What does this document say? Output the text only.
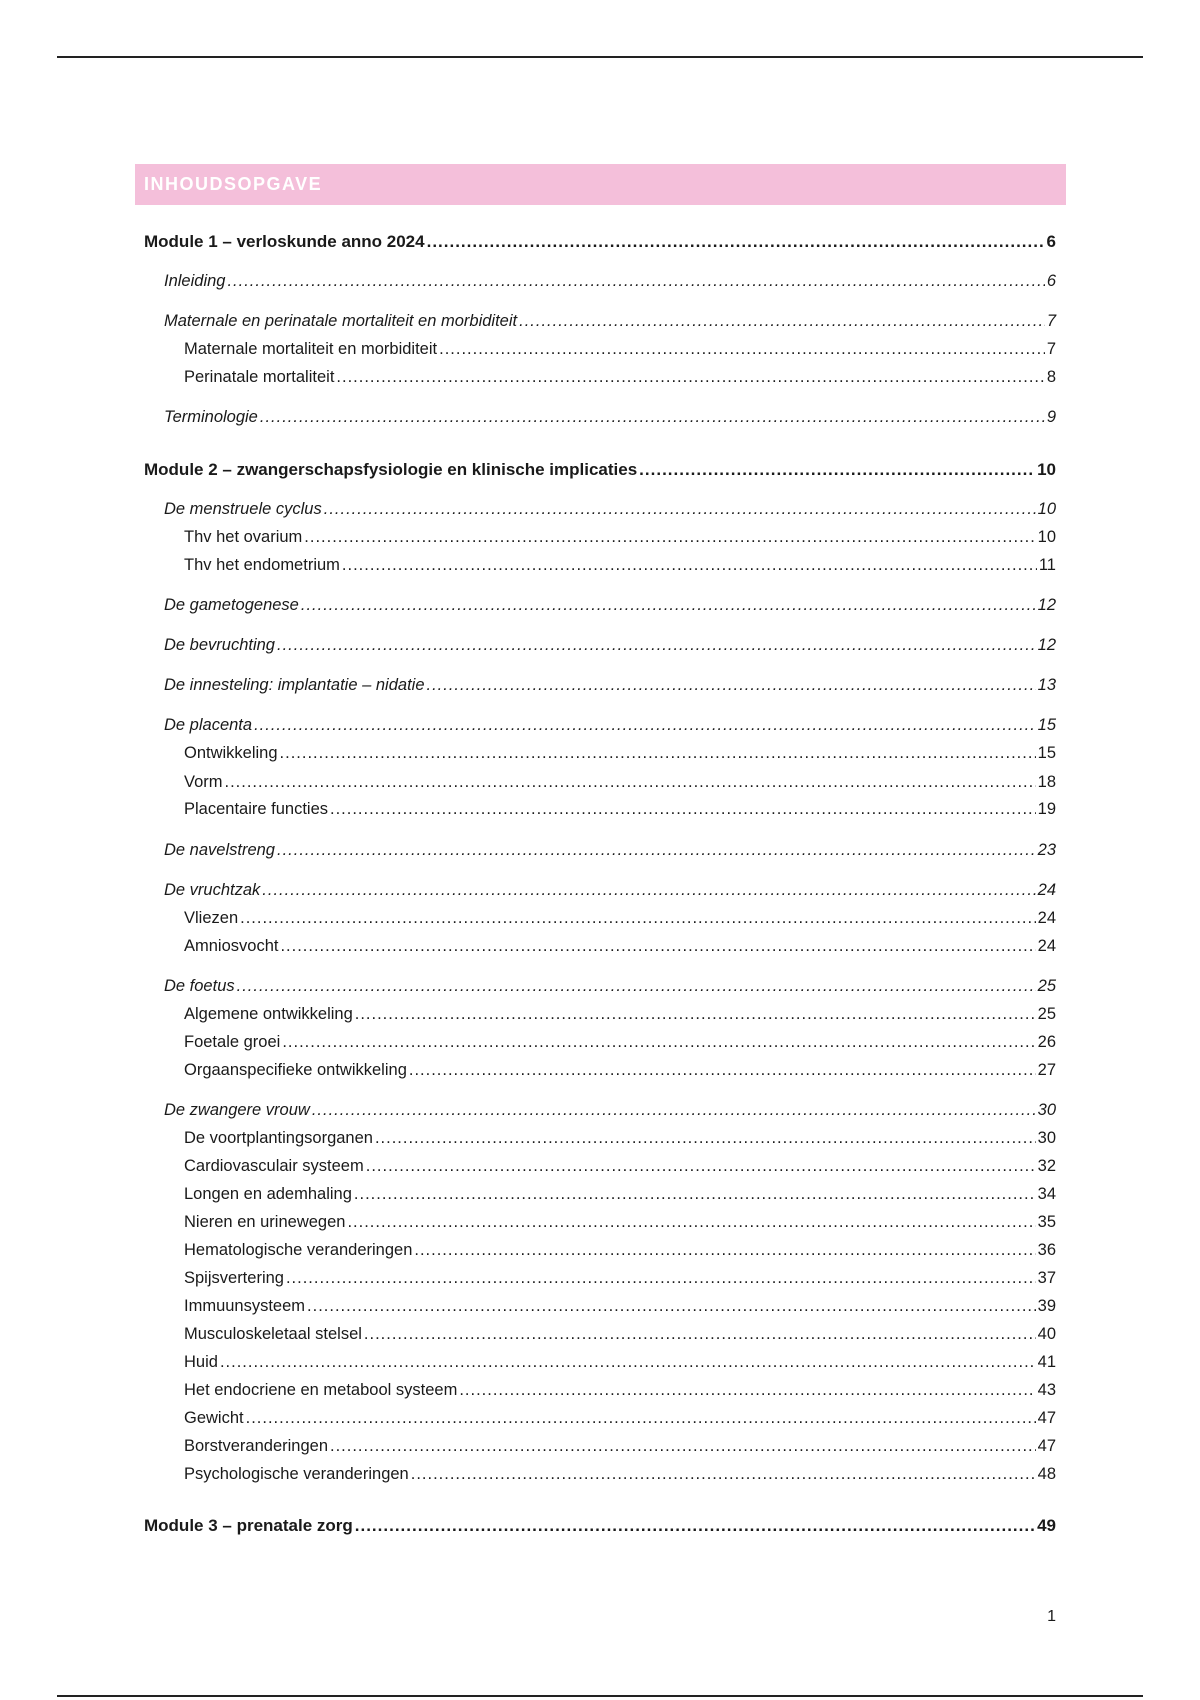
INHOUDSOPGAVE
Module 1 – verloskunde anno 2024 .....	6
Inleiding .....	6
Maternale en perinatale mortaliteit en morbiditeit .....	7
Maternale mortaliteit en morbiditeit .....	7
Perinatale mortaliteit .....	8
Terminologie .....	9
Module 2 – zwangerschapsfysiologie en klinische implicaties .....	10
De menstruele cyclus .....	10
Thv het ovarium .....	10
Thv het endometrium .....	11
De gametogenese .....	12
De bevruchting .....	12
De innesteling: implantatie – nidatie .....	13
De placenta .....	15
Ontwikkeling .....	15
Vorm .....	18
Placentaire functies .....	19
De navelstreng .....	23
De vruchtzak .....	24
Vliezen .....	24
Amniosvocht .....	24
De foetus .....	25
Algemene ontwikkeling .....	25
Foetale groei .....	26
Orgaanspecifieke ontwikkeling .....	27
De zwangere vrouw .....	30
De voortplantingsorganen .....	30
Cardiovasculair systeem .....	32
Longen en ademhaling .....	34
Nieren en urinewegen .....	35
Hematologische veranderingen .....	36
Spijsvertering .....	37
Immuunsysteem .....	39
Musculoskeletaal stelsel .....	40
Huid .....	41
Het endocriene en metabool systeem .....	43
Gewicht .....	47
Borstveranderingen .....	47
Psychologische veranderingen .....	48
Module 3 – prenatale zorg .....	49
1
